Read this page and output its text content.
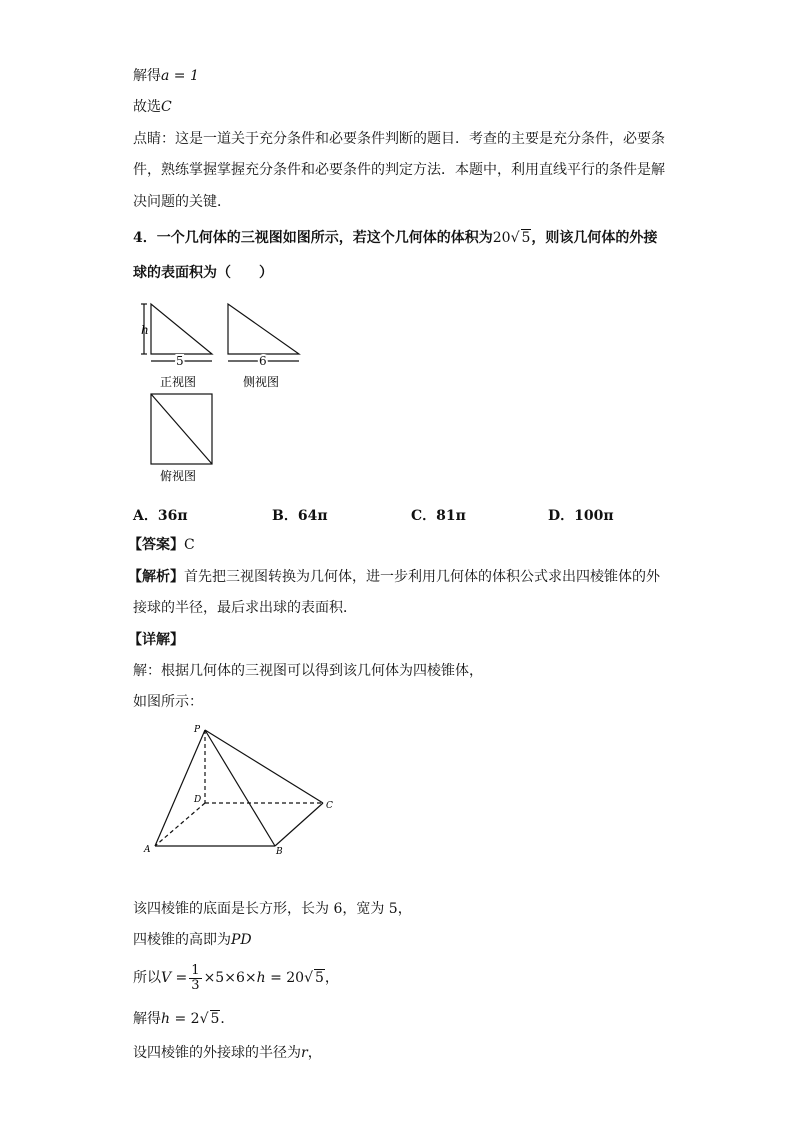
解得a = 1
故选C
点睛：这是一道关于充分条件和必要条件判断的题目．考查的主要是充分条件，必要条
件，熟练掌握掌握充分条件和必要条件的判定方法．本题中，利用直线平行的条件是解
决问题的关键．
4．一个几何体的三视图如图所示，若这个几何体的体积为20√ 5，则该几何体的外接
球的表面积为（　　）
h
5
正视图
6
侧视图
俯视图
A．36π	B．64π	C．81π	D．100π
【答案】C
【解析】首先把三视图转换为几何体，进一步利用几何体的体积公式求出四棱锥体的外
接球的半径，最后求出球的表面积．
【详解】
解：根据几何体的三视图可以得到该几何体为四棱锥体，
如图所示：
P
D
C
A	B
该四棱锥的底面是长方形，长为 6，宽为 5，
四棱锥的高即为PD
所以$V = \frac{1}{3} \times 5\times 6\times h = 20√$ 5，
解得h = 2√ 5．
设四棱锥的外接球的半径为r，
